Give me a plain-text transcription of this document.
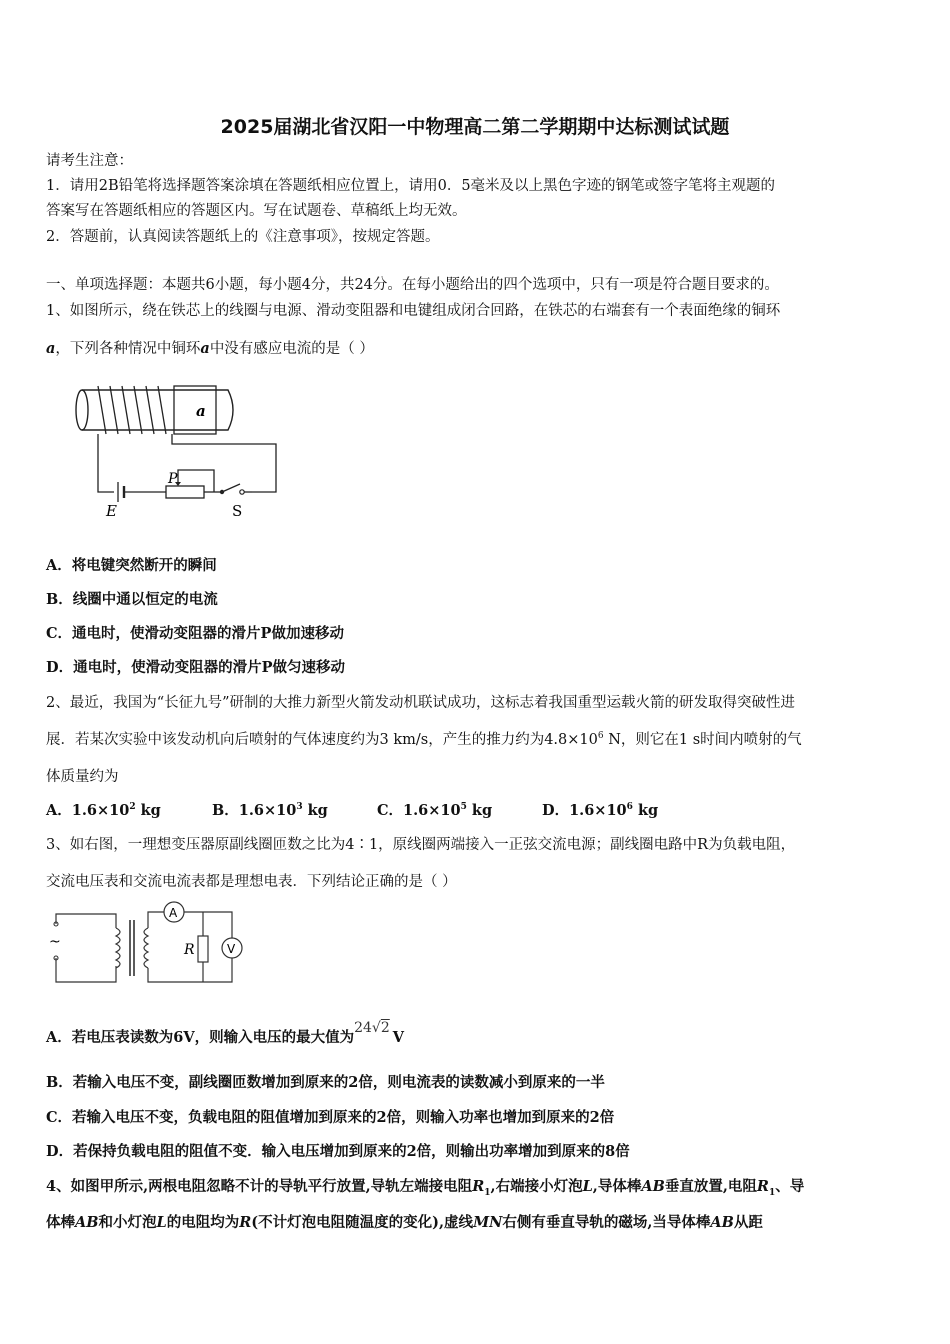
2025届湖北省汉阳一中物理高二第二学期期中达标测试试题
请考生注意：
1．请用2B铅笔将选择题答案涂填在答题纸相应位置上，请用0．5毫米及以上黑色字迹的钢笔或签字笔将主观题的
答案写在答题纸相应的答题区内。写在试题卷、草稿纸上均无效。
2．答题前，认真阅读答题纸上的《注意事项》，按规定答题。
一、单项选择题：本题共6小题，每小题4分，共24分。在每小题给出的四个选项中，只有一项是符合题目要求的。
1、如图所示，绕在铁芯上的线圈与电源、滑动变阻器和电键组成闭合回路，在铁芯的右端套有一个表面绝缘的铜环
a，下列各种情况中铜环a中没有感应电流的是（ ）
a
P
E	S
A．将电键突然断开的瞬间
B．线圈中通以恒定的电流
C．通电时，使滑动变阻器的滑片P做加速移动
D．通电时，使滑动变阻器的滑片P做匀速移动
2、最近，我国为“长征九号”研制的大推力新型火箭发动机联试成功，这标志着我国重型运载火箭的研发取得突破性进
展．若某次实验中该发动机向后喷射的气体速度约为3 km/s，产生的推力约为$4.8\times 10^6$ N，则它在1 s时间内喷射的气
体质量约为
A．$1.6\times 10^2$ kg	B．$1.6\times 10^3$ kg	C．$1.6\times 10^5$ kg	D．$1.6\times 10^6$ kg
3、如右图，一理想变压器原副线圈匝数之比为4∶1，原线圈两端接入一正弦交流电源；副线圈电路中R为负载电阻，
交流电压表和交流电流表都是理想电表．下列结论正确的是（ ）
~
A
V
R
A．若电压表读数为6V，则输入电压的最大值为24√2V
B．若输入电压不变，副线圈匝数增加到原来的2倍，则电流表的读数减小到原来的一半
C．若输入电压不变，负载电阻的阻值增加到原来的2倍，则输入功率也增加到原来的2倍
D．若保持负载电阻的阻值不变．输入电压增加到原来的2倍，则输出功率增加到原来的8倍
4、如图甲所示,两根电阻忽略不计的导轨平行放置,导轨左端接电阻$R_1$,右端接小灯泡L,导体棒AB垂直放置,电阻$R_1$、导
体棒AB和小灯泡L的电阻均为R(不计灯泡电阻随温度的变化),虚线MN右侧有垂直导轨的磁场,当导体棒AB从距
